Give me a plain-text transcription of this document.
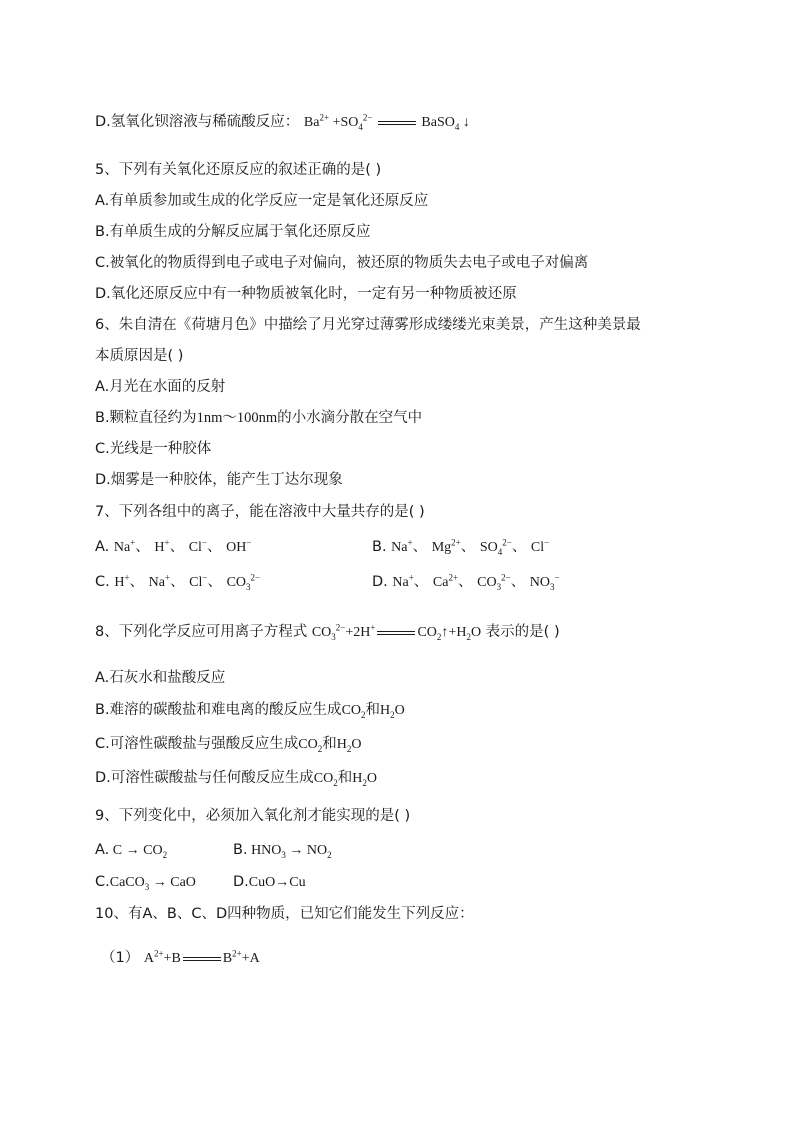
D.氢氧化钡溶液与稀硫酸反应： $Ba^{2+} +SO_4^{2-}$	BaSO$_4$ ↓
5、下列有关氧化还原反应的叙述正确的是( )
A.有单质参加或生成的化学反应一定是氧化还原反应
B.有单质生成的分解反应属于氧化还原反应
C.被氧化的物质得到电子或电子对偏向，被还原的物质失去电子或电子对偏离
D.氧化还原反应中有一种物质被氧化时，一定有另一种物质被还原
6、朱自清在《荷塘月色》中描绘了月光穿过薄雾形成缕缕光束美景，产生这种美景最
本质原因是( )
A.月光在水面的反射
B.颗粒直径约为1nm～100nm的小水滴分散在空气中
C.光线是一种胶体
D.烟雾是一种胶体，能产生丁达尔现象
7、下列各组中的离子，能在溶液中大量共存的是( )
A. Na+、 H+、 Cl−、 OH−	B. Na+、 $Mg^{2+}$、 $SO_4^{2-}$、 Cl−
C. H+、 Na+、 Cl−、 $CO_3^{2-}$	D. Na+、 $Ca^{2+}$、 $CO_3^{2-}$、 $NO_3^-$
8、下列化学反应可用离子方程式 $CO_3^{2-}+2H^+$	$CO_2↑+H_2O$ 表示的是( )
A.石灰水和盐酸反应
B.难溶的碳酸盐和难电离的酸反应生成$CO_2$和$H_2O$
C.可溶性碳酸盐与强酸反应生成$CO_2$和$H_2O$
D.可溶性碳酸盐与任何酸反应生成$CO_2$和$H_2O$
9、下列变化中，必须加入氧化剂才能实现的是( )
A. $C \to CO_2$	B. $HNO_3 \to NO_2$
C.CaCO$_3$ → CaO	D.CuO→Cu
10、有A、B、C、D四种物质，已知它们能发生下列反应：
（1） $A^{2+}+B$	$B^{2+}+A$
